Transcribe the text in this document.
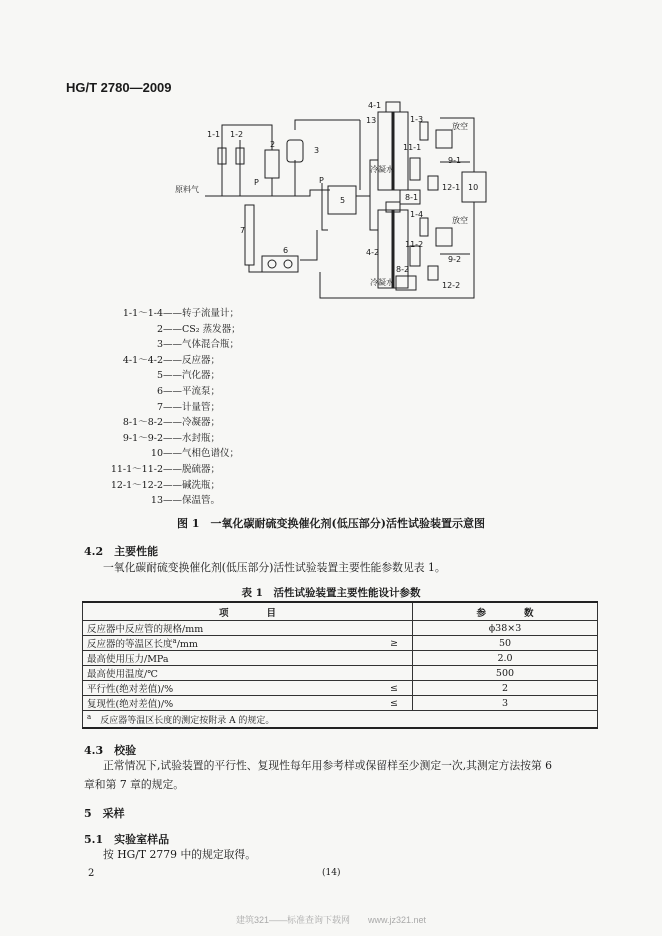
HG/T 2780—2009
1-1 1-2
2
3
4-1
13
4-2
5
6
7
8-1
8-2
1-3
1-4
9-1
9-2
10
11-1
11-2
12-1
12-2
原料气
放空
放空
冷凝水
冷凝水
P
P
1-1～1-4—— 转子流量计；
2—— CS₂ 蒸发器；
3—— 气体混合瓶；
4-1～4-2—— 反应器；
5—— 汽化器；
6—— 平流泵；
7—— 计量管；
8-1～8-2—— 冷凝器；
9-1～9-2—— 水封瓶；
10—— 气相色谱仪；
11-1～11-2—— 脱硫器；
12-1～12-2—— 碱洗瓶；
13—— 保温管。
图 1　一氧化碳耐硫变换催化剂(低压部分)活性试验装置示意图
4.2　主要性能
一氧化碳耐硫变换催化剂(低压部分)活性试验装置主要性能参数见表 1。
表 1　活性试验装置主要性能设计参数
项　　　　目		参　　　　数
反应器中反应管的规格/mm		ϕ38×3
反应器的等温区长度$^a$/mm	≥	50
最高使用压力/MPa		2.0
最高使用温度/℃		500
平行性(绝对差值)/%	≤	2
复现性(绝对差值)/%	≤	3
$^a$　 反应器等温区长度的测定按附录 A 的规定。		
4.3　校验
正常情况下,试验装置的平行性、复现性每年用参考样或保留样至少测定一次,其测定方法按第 6
章和第 7 章的规定。
5　采样
5.1　实验室样品
按 HG/T 2779 中的规定取得。
2	(14)
建筑321——标准查询下载网　　www.jz321.net
